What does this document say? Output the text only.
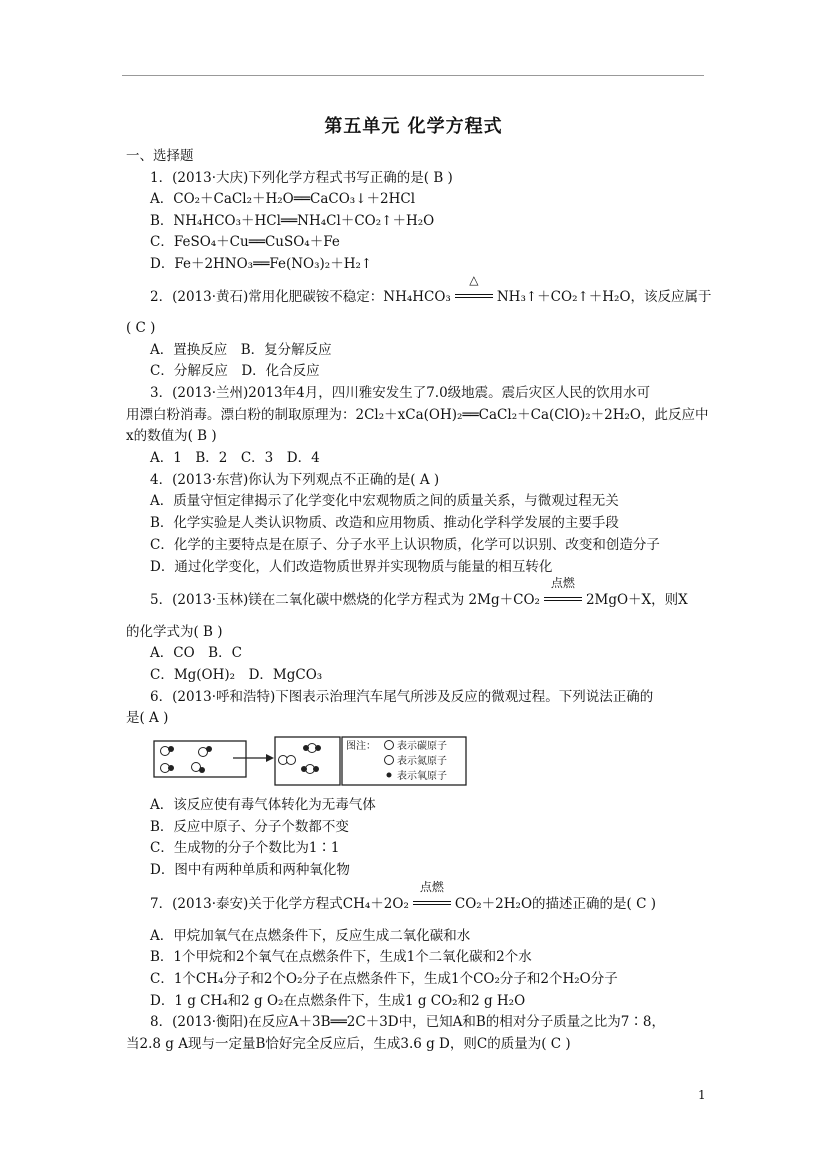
第五单元 化学方程式
一、选择题
1．(2013·大庆)下列化学方程式书写正确的是( B )
A．CO₂＋CaCl₂＋H₂O══CaCO₃↓＋2HCl
B．NH₄HCO₃＋HCl══NH₄Cl＋CO₂↑＋H₂O
C．FeSO₄＋Cu══CuSO₄＋Fe
D．Fe＋2HNO₃══Fe(NO₃)₂＋H₂↑
2．(2013·黄石)常用化肥碳铵不稳定：NH₄HCO₃
△
NH₃↑＋CO₂↑＋H₂O，该反应属于
( C )
A．置换反应　B．复分解反应
C．分解反应　D．化合反应
3．(2013·兰州)2013年4月，四川雅安发生了7.0级地震。震后灾区人民的饮用水可
用漂白粉消毒。漂白粉的制取原理为：2Cl₂＋xCa(OH)₂══CaCl₂＋Ca(ClO)₂＋2H₂O，此反应中
x的数值为( B )
A．1　B．2　C．3　D．4
4．(2013·东营)你认为下列观点不正确的是( A )
A．质量守恒定律揭示了化学变化中宏观物质之间的质量关系，与微观过程无关
B．化学实验是人类认识物质、改造和应用物质、推动化学科学发展的主要手段
C．化学的主要特点是在原子、分子水平上认识物质，化学可以识别、改变和创造分子
D．通过化学变化，人们改造物质世界并实现物质与能量的相互转化
5．(2013·玉林)镁在二氧化碳中燃烧的化学方程式为 2Mg＋CO₂
点燃
2MgO＋X，则X
的化学式为( B )
A．CO　B．C
C．Mg(OH)₂　D．MgCO₃
6．(2013·呼和浩特)下图表示治理汽车尾气所涉及反应的微观过程。下列说法正确的
是( A )
图注： 表示碳原子
表示氮原子
表示氧原子
A．该反应使有毒气体转化为无毒气体
B．反应中原子、分子个数都不变
C．生成物的分子个数比为1∶1
D．图中有两种单质和两种氧化物
7．(2013·泰安)关于化学方程式CH₄＋2O₂
点燃
CO₂＋2H₂O的描述正确的是( C )
A．甲烷加氧气在点燃条件下，反应生成二氧化碳和水
B．1个甲烷和2个氧气在点燃条件下，生成1个二氧化碳和2个水
C．1个CH₄分子和2个O₂分子在点燃条件下，生成1个CO₂分子和2个H₂O分子
D．1 g CH₄和2 g O₂在点燃条件下，生成1 g CO₂和2 g H₂O
8．(2013·衡阳)在反应A＋3B══2C＋3D中，已知A和B的相对分子质量之比为7∶8，
当2.8 g A现与一定量B恰好完全反应后，生成3.6 g D，则C的质量为( C )
1
